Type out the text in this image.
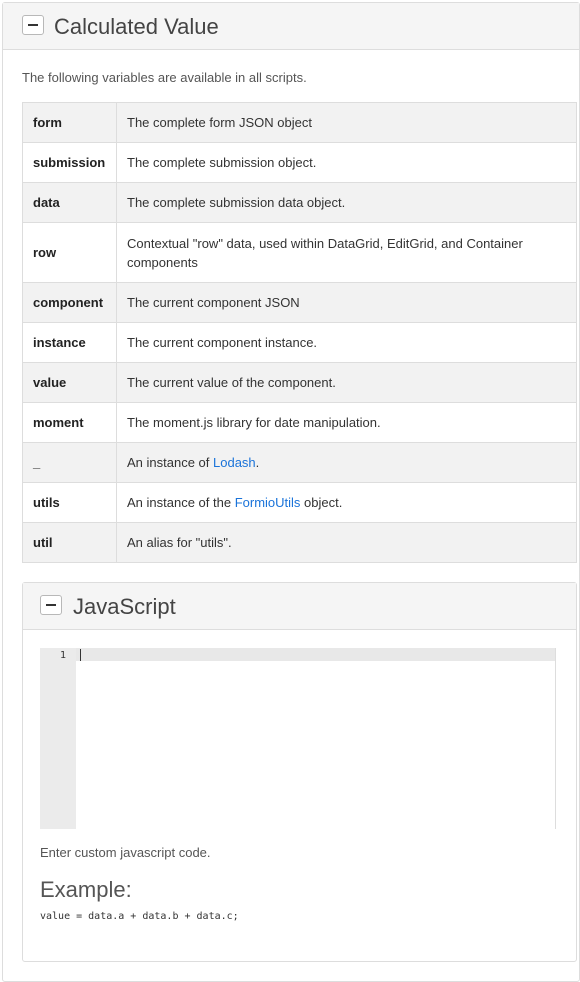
Calculated Value
The following variables are available in all scripts.
form	The complete form JSON object
submission	The complete submission object.
data	The complete submission data object.
row	Contextual "row" data, used within DataGrid, EditGrid, and Container components
component	The current component JSON
instance	The current component instance.
value	The current value of the component.
moment	The moment.js library for date manipulation.
_	An instance of Lodash.
utils	An instance of the FormioUtils object.
util	An alias for "utils".
JavaScript
1
Enter custom javascript code.
Example:
value = data.a + data.b + data.c;
